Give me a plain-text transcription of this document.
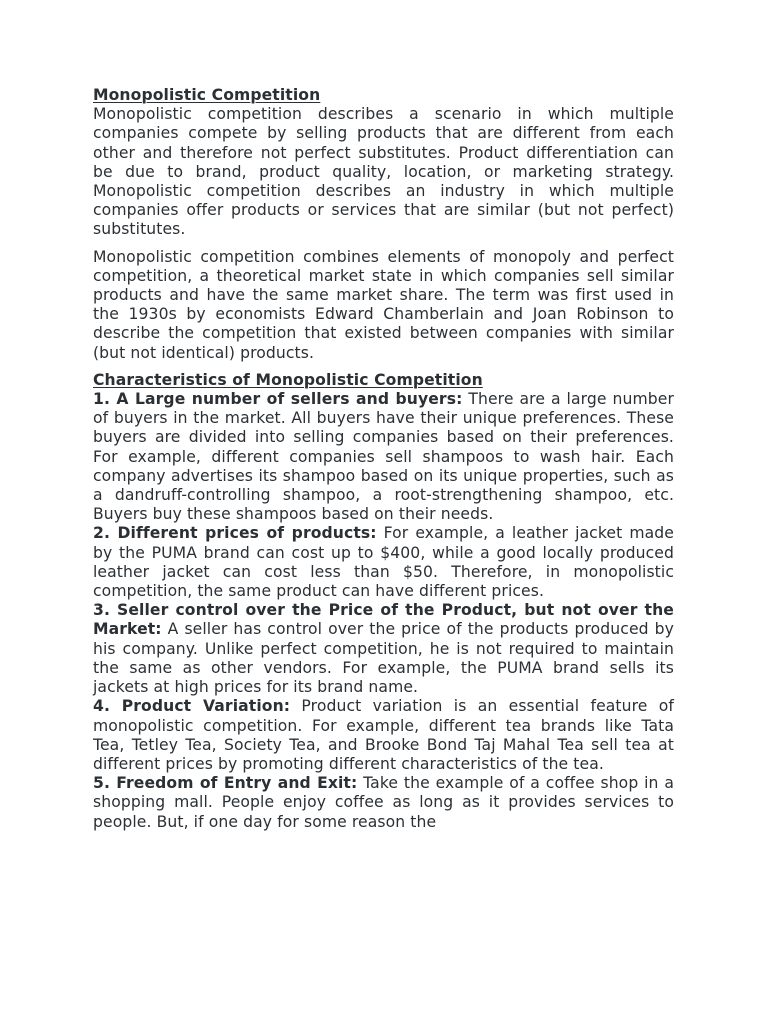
Monopolistic Competition

Monopolistic competition describes a scenario in which multiple companies compete by selling products that are different from each other and therefore not perfect substitutes. Product differentiation can be due to brand, product quality, location, or marketing strategy. Monopolistic competition describes an industry in which multiple companies offer products or services that are similar (but not perfect) substitutes.

Monopolistic competition combines elements of monopoly and perfect competition, a theoretical market state in which companies sell similar products and have the same market share. The term was first used in the 1930s by economists Edward Chamberlain and Joan Robinson to describe the competition that existed between companies with similar (but not identical) products.

Characteristics of Monopolistic Competition

1. A Large number of sellers and buyers: There are a large number of buyers in the market. All buyers have their unique preferences. These buyers are divided into selling companies based on their preferences. For example, different companies sell shampoos to wash hair. Each company advertises its shampoo based on its unique properties, such as a dandruff-controlling shampoo, a root-strengthening shampoo, etc. Buyers buy these shampoos based on their needs.

2. Different prices of products: For example, a leather jacket made by the PUMA brand can cost up to $400, while a good locally produced leather jacket can cost less than $50. Therefore, in monopolistic competition, the same product can have different prices.

3. Seller control over the Price of the Product, but not over the Market: A seller has control over the price of the products produced by his company. Unlike perfect competition, he is not required to maintain the same as other vendors. For example, the PUMA brand sells its jackets at high prices for its brand name.

4. Product Variation: Product variation is an essential feature of monopolistic competition. For example, different tea brands like Tata Tea, Tetley Tea, Society Tea, and Brooke Bond Taj Mahal Tea sell tea at different prices by promoting different characteristics of the tea.

5. Freedom of Entry and Exit: Take the example of a coffee shop in a shopping mall. People enjoy coffee as long as it provides services to people. But, if one day for some reason the
